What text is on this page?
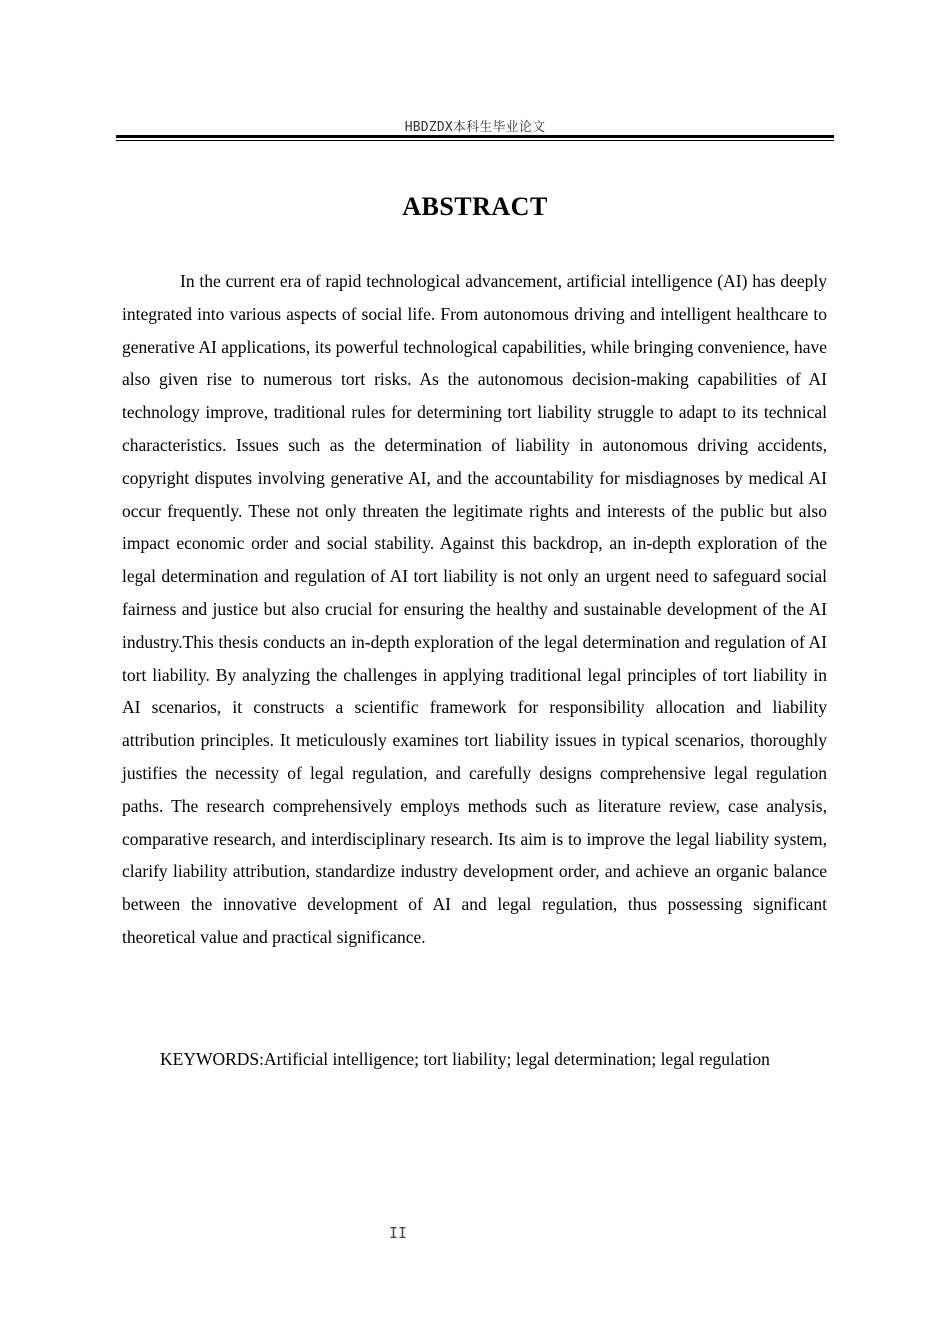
HBDZDX本科生毕业论文
ABSTRACT

In the current era of rapid technological advancement, artificial intelligence (AI) has deeply integrated into various aspects of social life. From autonomous driving and intelligent healthcare to generative AI applications, its powerful technological capabilities, while bringing convenience, have also given rise to numerous tort risks. As the autonomous decision-making capabilities of AI technology improve, traditional rules for determining tort liability struggle to adapt to its technical characteristics. Issues such as the determination of liability in autonomous driving accidents, copyright disputes involving generative AI, and the accountability for misdiagnoses by medical AI occur frequently. These not only threaten the legitimate rights and interests of the public but also impact economic order and social stability. Against this backdrop, an in-depth exploration of the legal determination and regulation of AI tort liability is not only an urgent need to safeguard social fairness and justice but also crucial for ensuring the healthy and sustainable development of the AI industry.This thesis conducts an in-depth exploration of the legal determination and regulation of AI tort liability. By analyzing the challenges in applying traditional legal principles of tort liability in AI scenarios, it constructs a scientific framework for responsibility allocation and liability attribution principles. It meticulously examines tort liability issues in typical scenarios, thoroughly justifies the necessity of legal regulation, and carefully designs comprehensive legal regulation paths. The research comprehensively employs methods such as literature review, case analysis, comparative research, and interdisciplinary research. Its aim is to improve the legal liability system, clarify liability attribution, standardize industry development order, and achieve an organic balance between the innovative development of AI and legal regulation, thus possessing significant theoretical value and practical significance.

KEYWORDS:Artificial intelligence; tort liability; legal determination; legal regulation

II
